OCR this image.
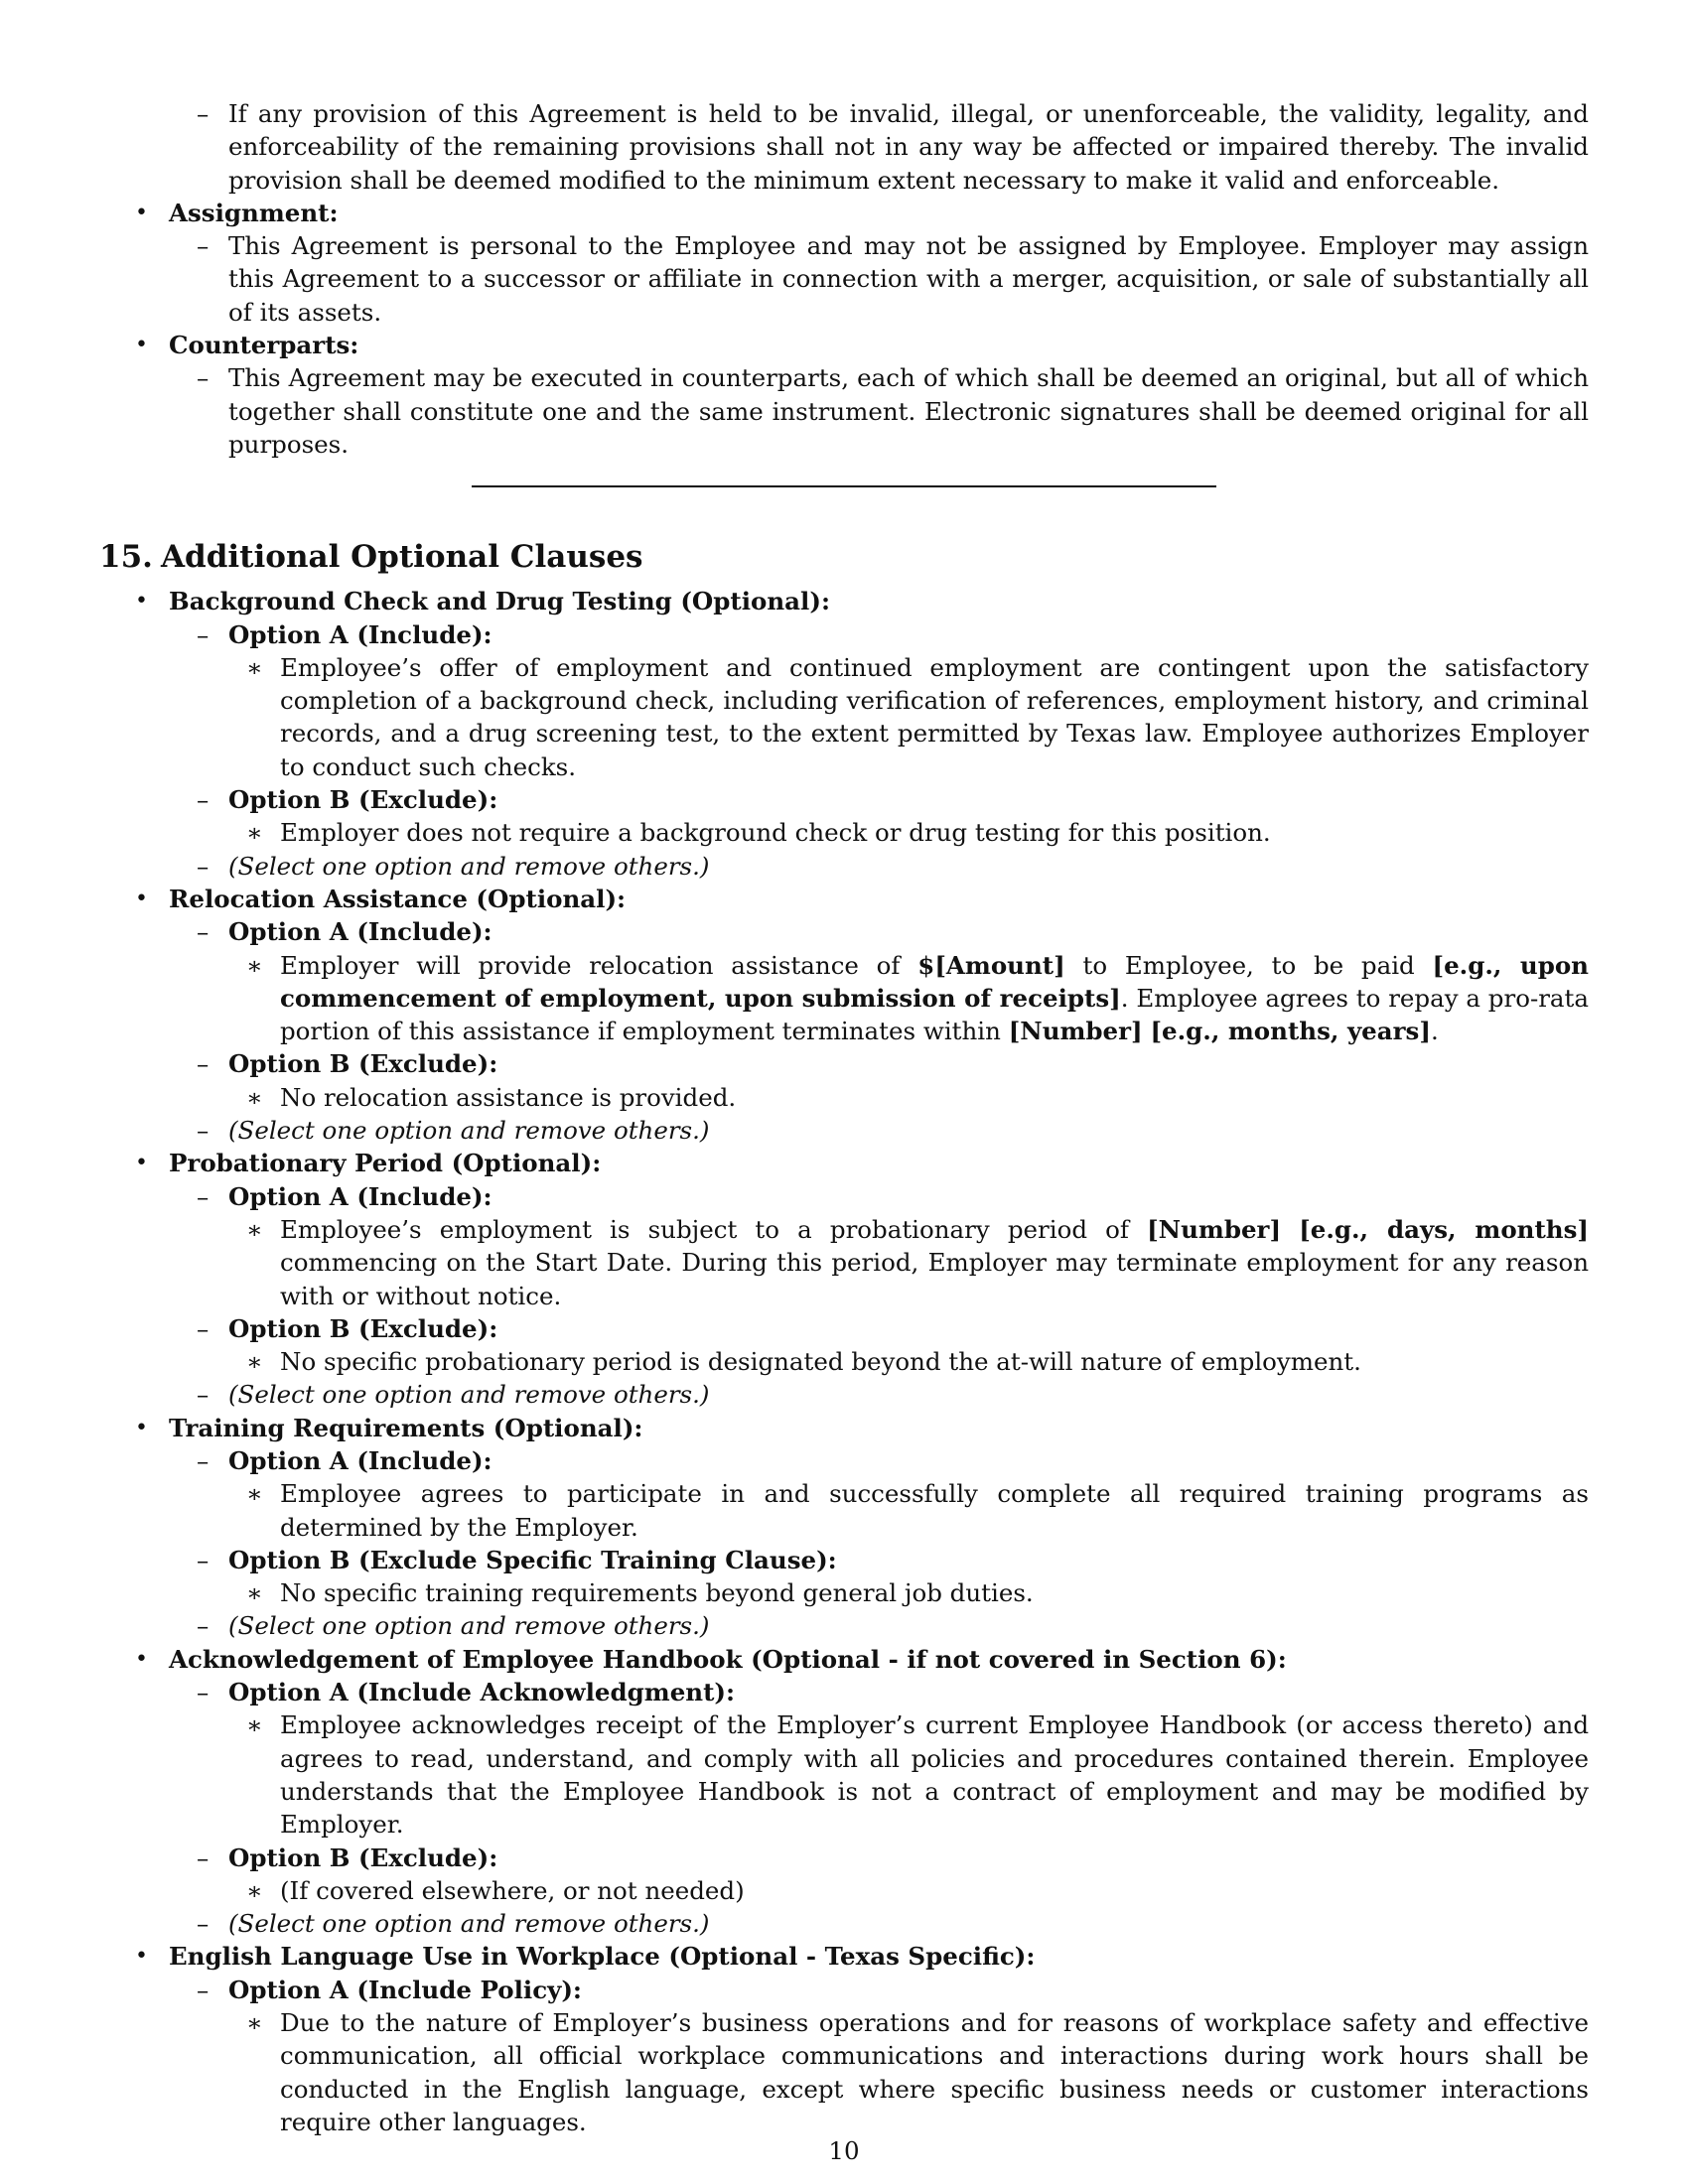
– If any provision of this Agreement is held to be invalid, illegal, or unenforceable, the validity, legality, and enforceability of the remaining provisions shall not in any way be affected or impaired thereby. The invalid provision shall be deemed modified to the minimum extent necessary to make it valid and enforceable.
• Assignment:
– This Agreement is personal to the Employee and may not be assigned by Employee. Employer may assign this Agreement to a successor or affiliate in connection with a merger, acquisition, or sale of substantially all of its assets.
• Counterparts:
– This Agreement may be executed in counterparts, each of which shall be deemed an original, but all of which together shall constitute one and the same instrument. Electronic signatures shall be deemed original for all purposes.
15. Additional Optional Clauses
• Background Check and Drug Testing (Optional):
– Option A (Include):
∗ Employee’s offer of employment and continued employment are contingent upon the satisfactory completion of a background check, including verification of references, employment history, and criminal records, and a drug screening test, to the extent permitted by Texas law. Employee authorizes Employer to conduct such checks.
– Option B (Exclude):
∗ Employer does not require a background check or drug testing for this position.
– (Select one option and remove others.)
• Relocation Assistance (Optional):
– Option A (Include):
∗ Employer will provide relocation assistance of $[Amount] to Employee, to be paid [e.g., upon commencement of employment, upon submission of receipts]. Employee agrees to repay a pro-rata portion of this assistance if employment terminates within [Number] [e.g., months, years].
– Option B (Exclude):
∗ No relocation assistance is provided.
– (Select one option and remove others.)
• Probationary Period (Optional):
– Option A (Include):
∗ Employee’s employment is subject to a probationary period of [Number] [e.g., days, months] commencing on the Start Date. During this period, Employer may terminate employment for any reason with or without notice.
– Option B (Exclude):
∗ No specific probationary period is designated beyond the at-will nature of employment.
– (Select one option and remove others.)
• Training Requirements (Optional):
– Option A (Include):
∗ Employee agrees to participate in and successfully complete all required training programs as determined by the Employer.
– Option B (Exclude Specific Training Clause):
∗ No specific training requirements beyond general job duties.
– (Select one option and remove others.)
• Acknowledgement of Employee Handbook (Optional - if not covered in Section 6):
– Option A (Include Acknowledgment):
∗ Employee acknowledges receipt of the Employer’s current Employee Handbook (or access thereto) and agrees to read, understand, and comply with all policies and procedures contained therein. Employee understands that the Employee Handbook is not a contract of employment and may be modified by Employer.
– Option B (Exclude):
∗ (If covered elsewhere, or not needed)
– (Select one option and remove others.)
• English Language Use in Workplace (Optional - Texas Specific):
– Option A (Include Policy):
∗ Due to the nature of Employer’s business operations and for reasons of workplace safety and effective communication, all official workplace communications and interactions during work hours shall be conducted in the English language, except where specific business needs or customer interactions require other languages.
10
